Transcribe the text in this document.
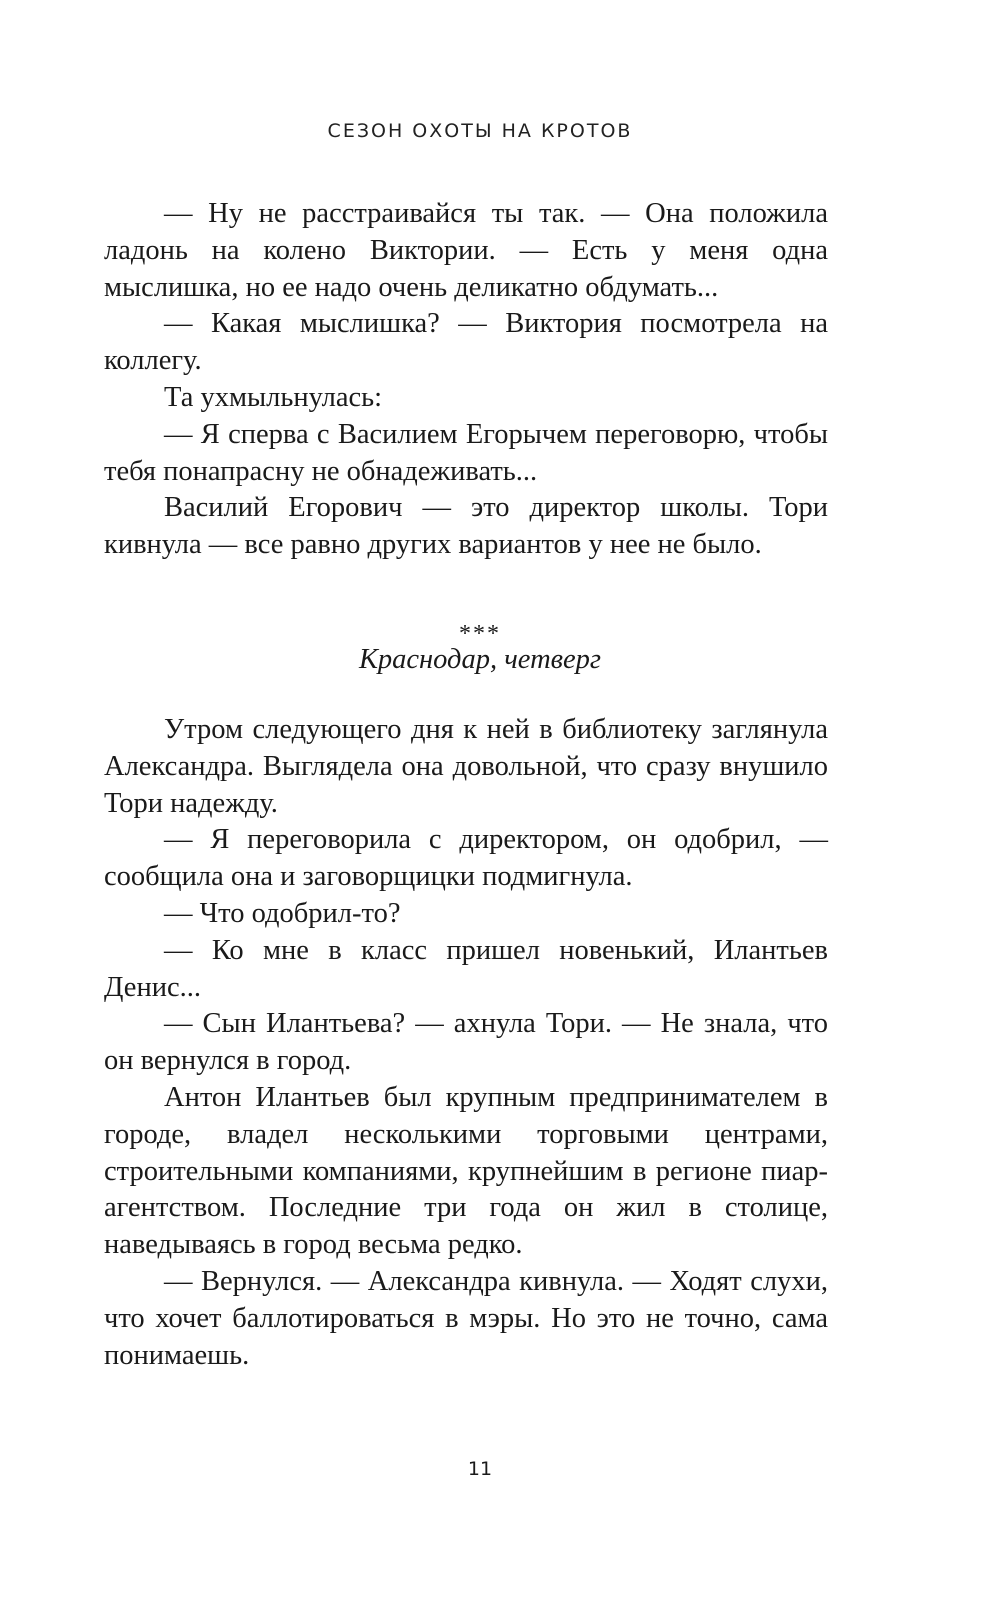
СЕЗОН ОХОТЫ НА КРОТОВ

— Ну не расстраивайся ты так. — Она положила ладонь на колено Виктории. — Есть у меня одна мыслишка, но ее надо очень деликатно обдумать...

— Какая мыслишка? — Виктория посмотрела на коллегу.

Та ухмыльнулась:

— Я сперва с Василием Егорычем переговорю, чтобы тебя понапрасну не обнадеживать...

Василий Егорович — это директор школы. Тори кивнула — все равно других вариантов у нее не было.

***
Краснодар, четверг

Утром следующего дня к ней в библиотеку заглянула Александра. Выглядела она довольной, что сразу внушило Тори надежду.

— Я переговорила с директором, он одобрил, — сообщила она и заговорщицки подмигнула.

— Что одобрил-то?

— Ко мне в класс пришел новенький, Илантьев Денис...

— Сын Илантьева? — ахнула Тори. — Не знала, что он вернулся в город.

Антон Илантьев был крупным предпринимателем в городе, владел несколькими торговыми центрами, строительными компаниями, крупнейшим в регионе пиар-агентством. Последние три года он жил в столице, наведываясь в город весьма редко.

— Вернулся. — Александра кивнула. — Ходят слухи, что хочет баллотироваться в мэры. Но это не точно, сама понимаешь.

11
